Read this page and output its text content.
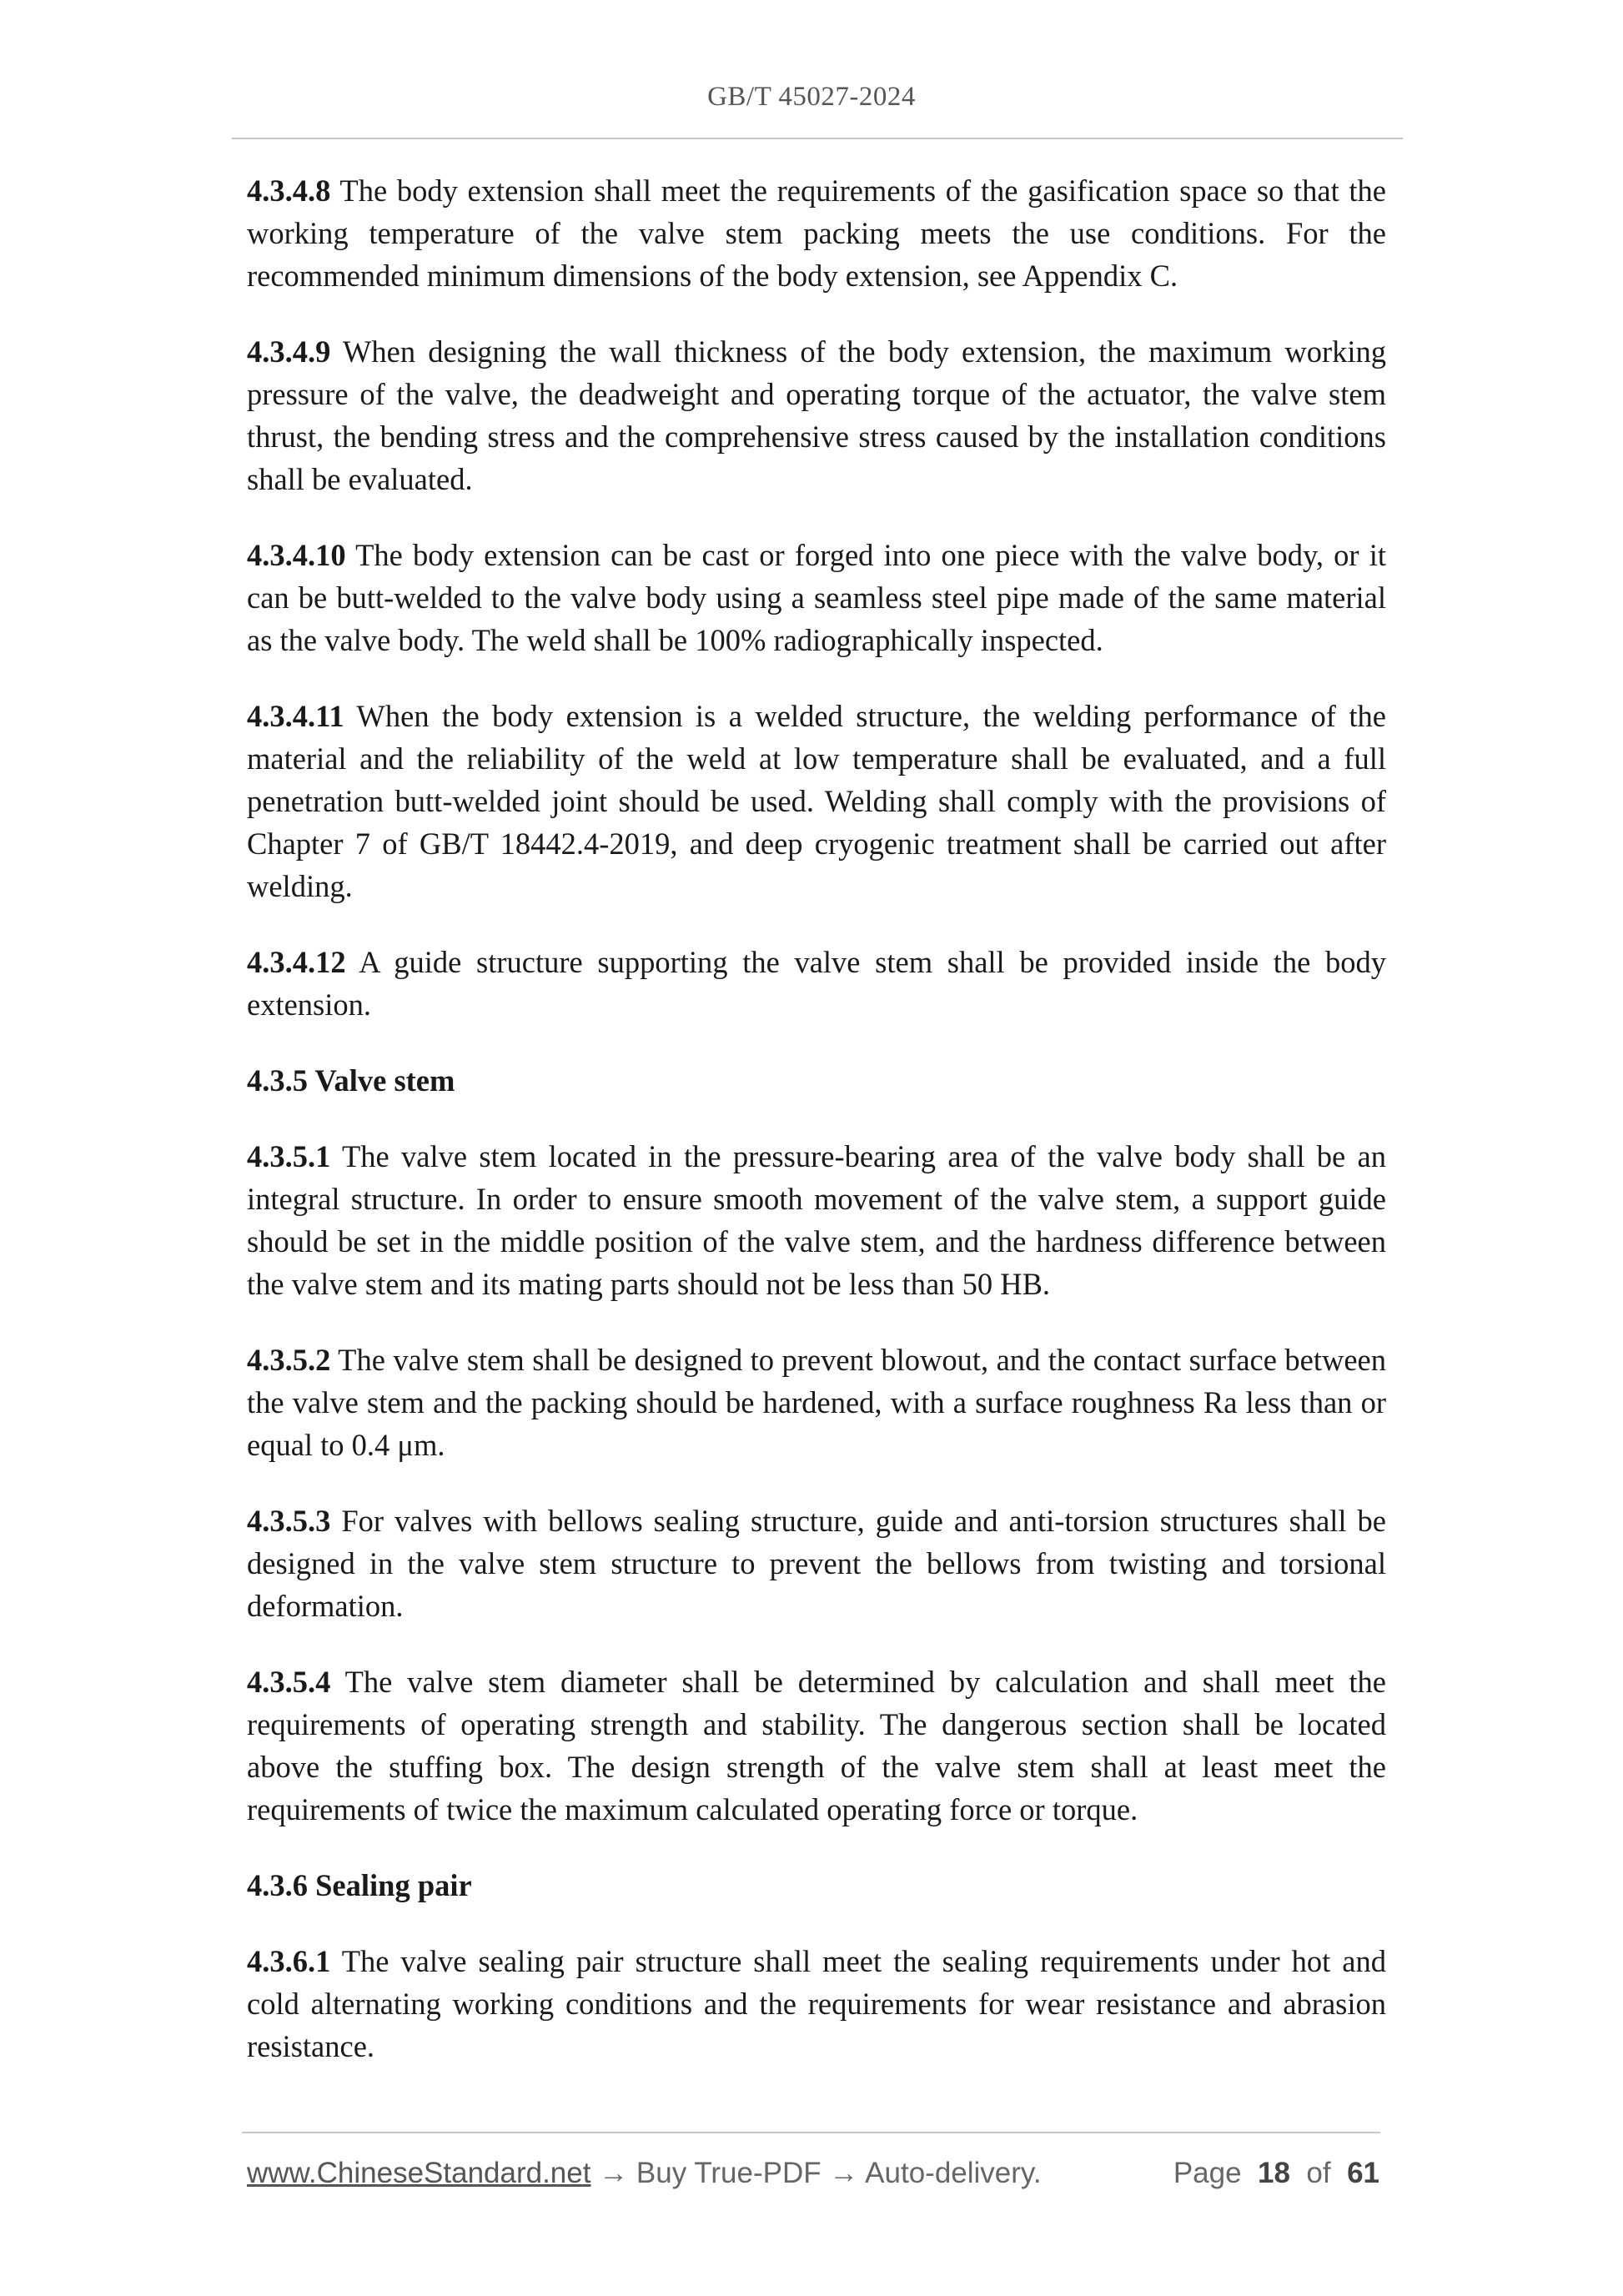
GB/T 45027-2024

4.3.4.8 The body extension shall meet the requirements of the gasification space so that the working temperature of the valve stem packing meets the use conditions. For the recommended minimum dimensions of the body extension, see Appendix C.

4.3.4.9 When designing the wall thickness of the body extension, the maximum working pressure of the valve, the deadweight and operating torque of the actuator, the valve stem thrust, the bending stress and the comprehensive stress caused by the installation conditions shall be evaluated.

4.3.4.10 The body extension can be cast or forged into one piece with the valve body, or it can be butt-welded to the valve body using a seamless steel pipe made of the same material as the valve body. The weld shall be 100% radiographically inspected.

4.3.4.11 When the body extension is a welded structure, the welding performance of the material and the reliability of the weld at low temperature shall be evaluated, and a full penetration butt-welded joint should be used. Welding shall comply with the provisions of Chapter 7 of GB/T 18442.4-2019, and deep cryogenic treatment shall be carried out after welding.

4.3.4.12 A guide structure supporting the valve stem shall be provided inside the body extension.

4.3.5 Valve stem

4.3.5.1 The valve stem located in the pressure-bearing area of the valve body shall be an integral structure. In order to ensure smooth movement of the valve stem, a support guide should be set in the middle position of the valve stem, and the hardness difference between the valve stem and its mating parts should not be less than 50 HB.

4.3.5.2 The valve stem shall be designed to prevent blowout, and the contact surface between the valve stem and the packing should be hardened, with a surface roughness Ra less than or equal to 0.4 μm.

4.3.5.3 For valves with bellows sealing structure, guide and anti-torsion structures shall be designed in the valve stem structure to prevent the bellows from twisting and torsional deformation.

4.3.5.4 The valve stem diameter shall be determined by calculation and shall meet the requirements of operating strength and stability. The dangerous section shall be located above the stuffing box. The design strength of the valve stem shall at least meet the requirements of twice the maximum calculated operating force or torque.

4.3.6 Sealing pair

4.3.6.1 The valve sealing pair structure shall meet the sealing requirements under hot and cold alternating working conditions and the requirements for wear resistance and abrasion resistance.

www.ChineseStandard.net → Buy True-PDF → Auto-delivery.	Page 18 of 61
